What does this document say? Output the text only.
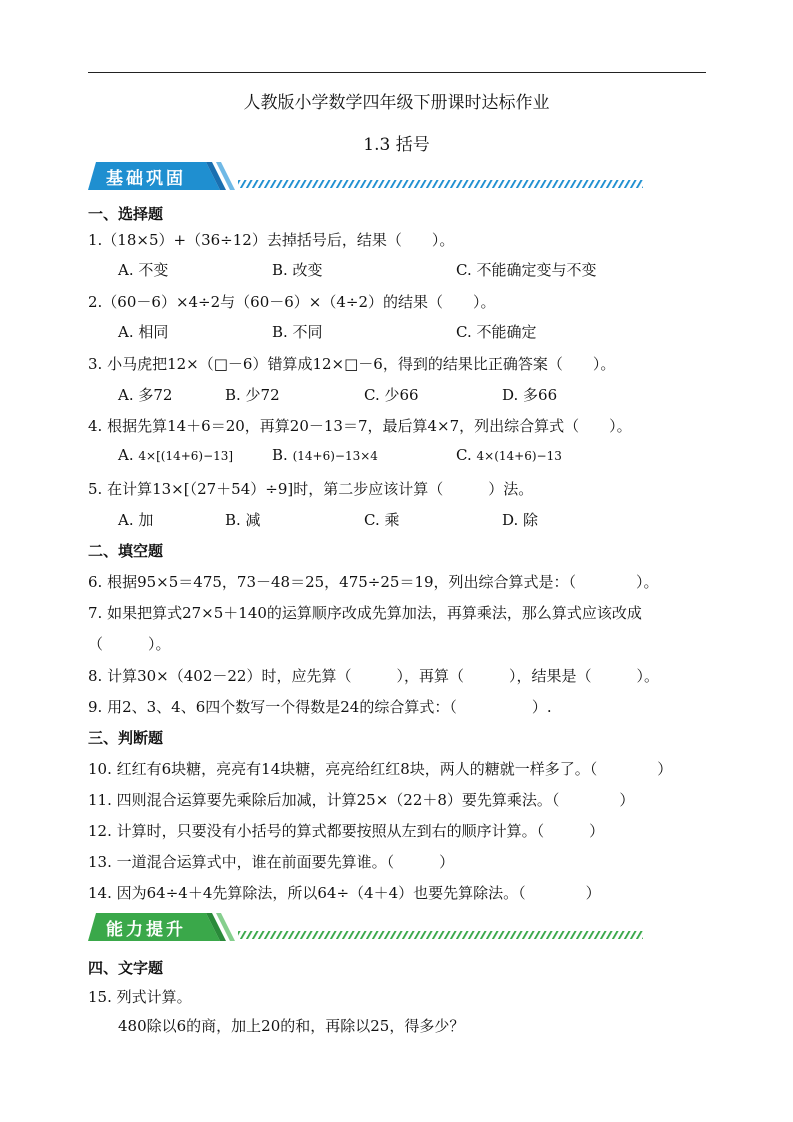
人教版小学数学四年级下册课时达标作业
1.3 括号
基础巩固
一、选择题
1.（18×5）+（36÷12）去掉括号后，结果（　　）。
A. 不变	B. 改变	C. 不能确定变与不变
2.（60－6）×4÷2与（60－6）×（4÷2）的结果（　　）。
A. 相同	B. 不同	C. 不能确定
3. 小马虎把12×（□－6）错算成12×□－6，得到的结果比正确答案（　　）。
A. 多72	B. 少72	C. 少66	D. 多66
4. 根据先算14＋6＝20，再算20－13＝7，最后算4×7，列出综合算式（　　）。
A. 4×[(14+6)−13]	B. (14+6)−13×4	C. 4×(14+6)−13
5. 在计算13×[（27＋54）÷9]时，第二步应该计算（　　　）法。
A. 加	B. 减	C. 乘	D. 除
二、填空题
6. 根据95×5＝475，73－48＝25，475÷25＝19，列出综合算式是：（　　　　）。
7. 如果把算式27×5＋140的运算顺序改成先算加法，再算乘法，那么算式应该改成
（　　　）。
8. 计算30×（402－22）时，应先算（　　　），再算（　　　），结果是（　　　）。
9. 用2、3、4、6四个数写一个得数是24的综合算式：（　　　　　）.
三、判断题
10. 红红有6块糖，亮亮有14块糖，亮亮给红红8块，两人的糖就一样多了。（　　　　）
11. 四则混合运算要先乘除后加减，计算25×（22＋8）要先算乘法。（　　　　）
12. 计算时，只要没有小括号的算式都要按照从左到右的顺序计算。（　　　）
13. 一道混合运算式中，谁在前面要先算谁。（　　　）
14. 因为64÷4＋4先算除法，所以64÷（4＋4）也要先算除法。（　　　　）
能力提升
四、文字题
15. 列式计算。
480除以6的商，加上20的和，再除以25，得多少？
